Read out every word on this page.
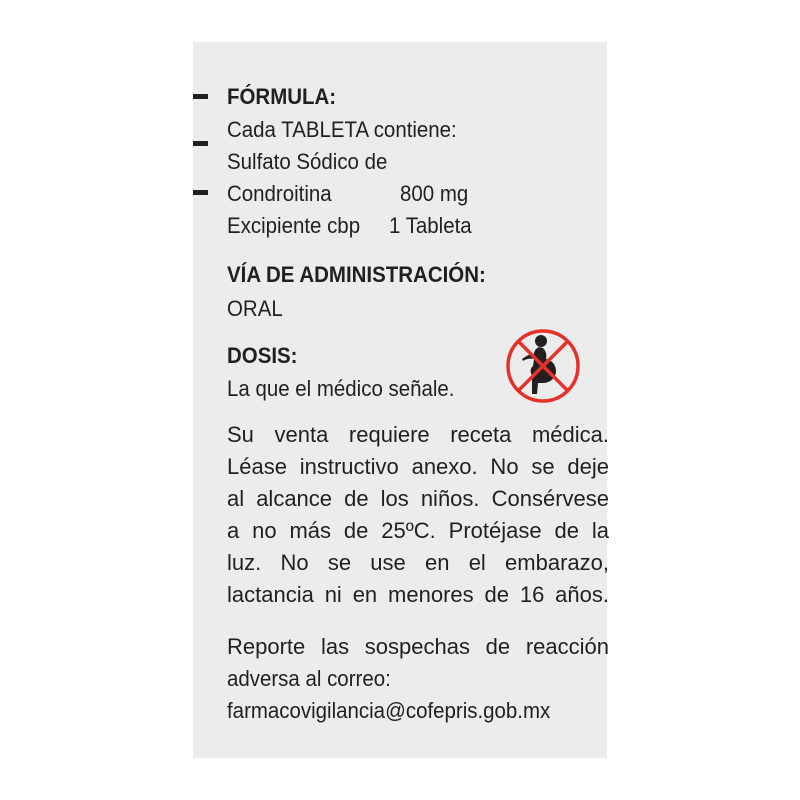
FÓRMULA:
Cada TABLETA contiene:
Sulfato Sódico de
Condroitina	800 mg
Excipiente cbp 1 Tableta
VÍA DE ADMINISTRACIÓN:
ORAL
DOSIS:
La que el médico señale.
Su venta requiere receta médica.
Léase instructivo anexo. No se deje
al alcance de los niños. Consérvese
a no más de 25ºC. Protéjase de la
luz. No se use en el embarazo,
lactancia ni en menores de 16 años.
Reporte las sospechas de reacción
adversa al correo:
farmacovigilancia@cofepris.gob.mx
